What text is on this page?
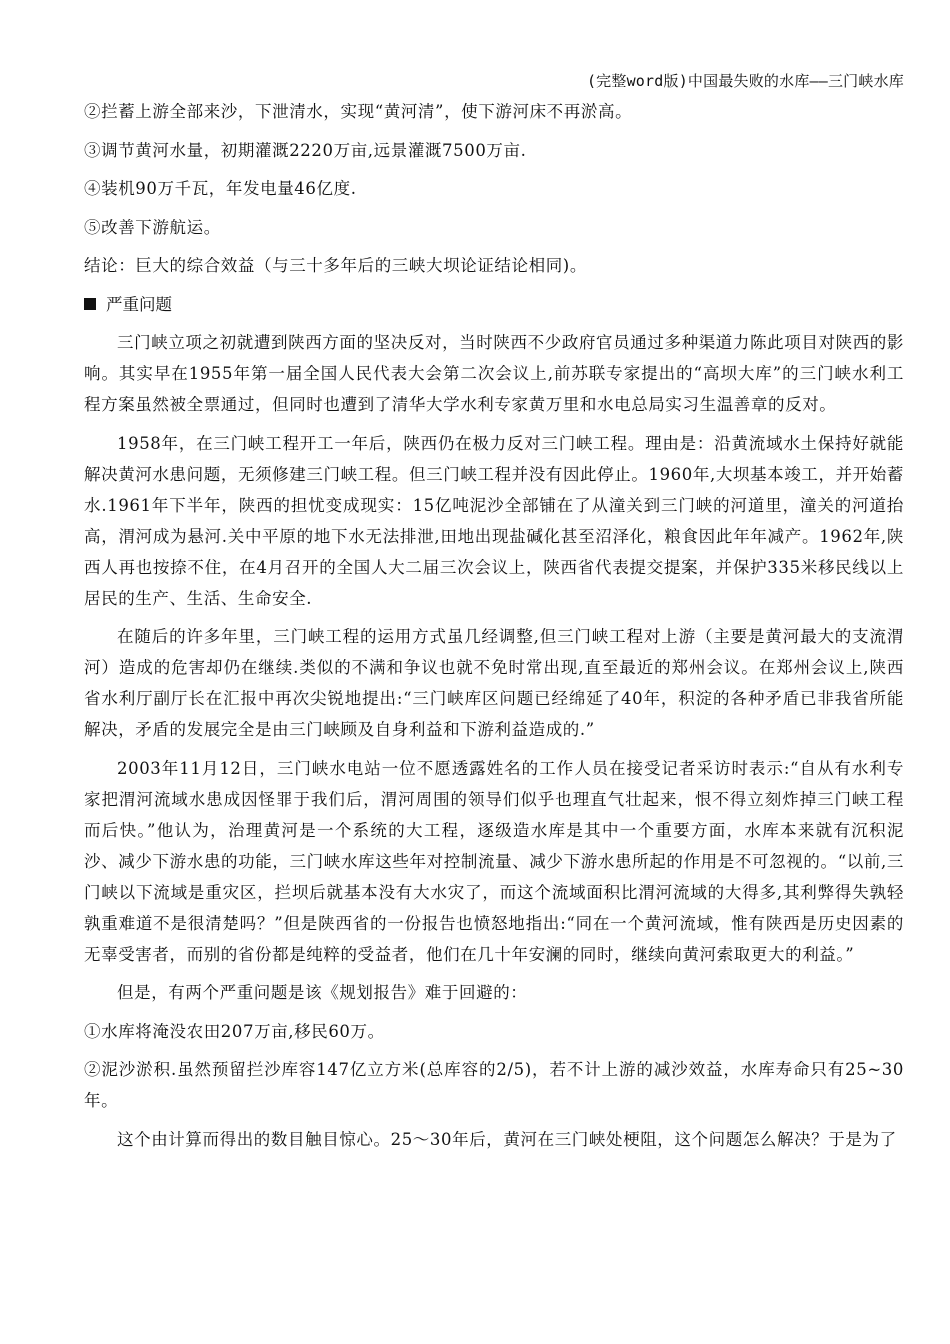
(完整word版)中国最失败的水库——三门峡水库

②拦蓄上游全部来沙，下泄清水，实现“黄河清”，使下游河床不再淤高。

③调节黄河水量，初期灌溉2220万亩,远景灌溉7500万亩.

④装机90万千瓦，年发电量46亿度.

⑤改善下游航运。

结论：巨大的综合效益（与三十多年后的三峡大坝论证结论相同)。

严重问题

三门峡立项之初就遭到陕西方面的坚决反对，当时陕西不少政府官员通过多种渠道力陈此项目对陕西的影响。其实早在1955年第一届全国人民代表大会第二次会议上,前苏联专家提出的“高坝大库”的三门峡水利工程方案虽然被全票通过，但同时也遭到了清华大学水利专家黄万里和水电总局实习生温善章的反对。

1958年，在三门峡工程开工一年后，陕西仍在极力反对三门峡工程。理由是：沿黄流域水土保持好就能解决黄河水患问题，无须修建三门峡工程。但三门峡工程并没有因此停止。1960年,大坝基本竣工，并开始蓄水.1961年下半年，陕西的担忧变成现实：15亿吨泥沙全部铺在了从潼关到三门峡的河道里，潼关的河道抬高，渭河成为悬河.关中平原的地下水无法排泄,田地出现盐碱化甚至沼泽化，粮食因此年年减产。1962年,陕西人再也按捺不住，在4月召开的全国人大二届三次会议上，陕西省代表提交提案，并保护335米移民线以上居民的生产、生活、生命安全.

在随后的许多年里，三门峡工程的运用方式虽几经调整,但三门峡工程对上游（主要是黄河最大的支流渭河）造成的危害却仍在继续.类似的不满和争议也就不免时常出现,直至最近的郑州会议。在郑州会议上,陕西省水利厅副厅长在汇报中再次尖锐地提出:“三门峡库区问题已经绵延了40年，积淀的各种矛盾已非我省所能解决，矛盾的发展完全是由三门峡顾及自身利益和下游利益造成的.”

2003年11月12日，三门峡水电站一位不愿透露姓名的工作人员在接受记者采访时表示:“自从有水利专家把渭河流域水患成因怪罪于我们后，渭河周围的领导们似乎也理直气壮起来，恨不得立刻炸掉三门峡工程而后快。”他认为，治理黄河是一个系统的大工程，逐级造水库是其中一个重要方面，水库本来就有沉积泥沙、减少下游水患的功能，三门峡水库这些年对控制流量、减少下游水患所起的作用是不可忽视的。“以前,三门峡以下流域是重灾区，拦坝后就基本没有大水灾了，而这个流域面积比渭河流域的大得多,其利弊得失孰轻孰重难道不是很清楚吗？”但是陕西省的一份报告也愤怒地指出:“同在一个黄河流域，惟有陕西是历史因素的无辜受害者，而别的省份都是纯粹的受益者，他们在几十年安澜的同时，继续向黄河索取更大的利益。”

但是，有两个严重问题是该《规划报告》难于回避的：

①水库将淹没农田207万亩,移民60万。

②泥沙淤积.虽然预留拦沙库容147亿立方米(总库容的2/5)，若不计上游的减沙效益，水库寿命只有25~30年。

这个由计算而得出的数目触目惊心。25～30年后，黄河在三门峡处梗阻，这个问题怎么解决？于是为了
